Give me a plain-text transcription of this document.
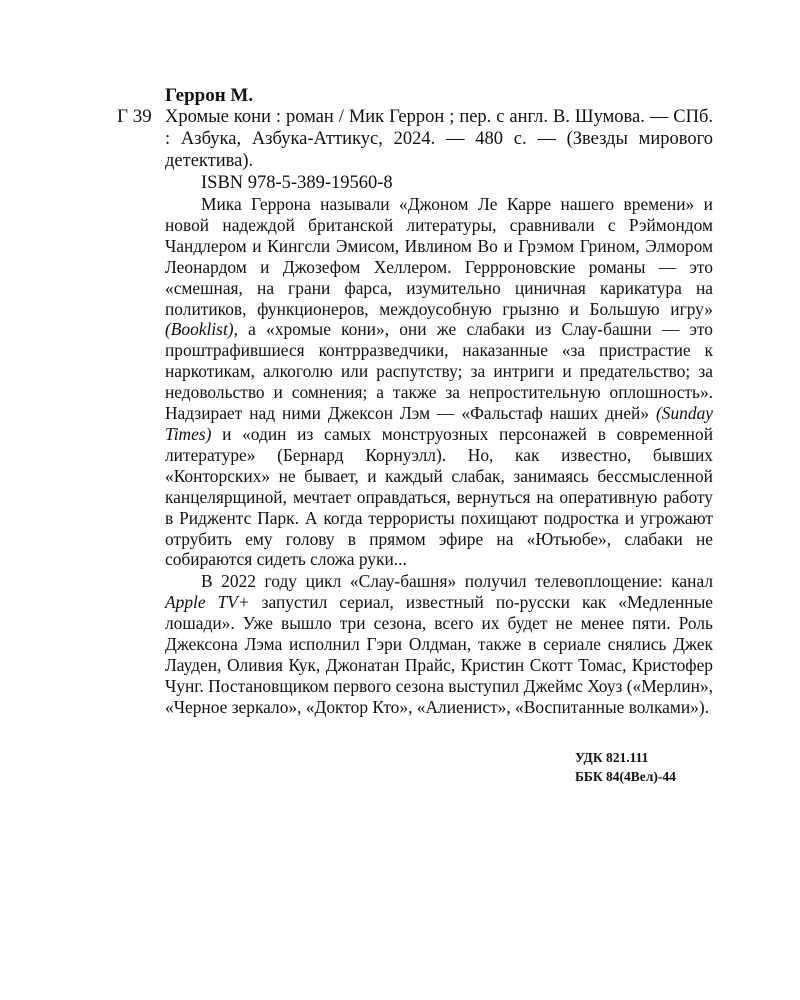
Геррон М.
Г 39 Хромые кони : роман / Мик Геррон ; пер. с англ. В. Шумова. — СПб. : Азбука, Азбука-Аттикус, 2024. — 480 с. — (Звезды мирового детектива).
ISBN 978-5-389-19560-8

Мика Геррона называли «Джоном Ле Карре нашего времени» и новой надеждой британской литературы, сравнивали с Рэймондом Чандлером и Кингсли Эмисом, Ивлином Во и Грэмом Грином, Элмором Леонардом и Джозефом Хеллером. Геррроновские романы — это «смешная, на грани фарса, изумительно циничная карикатура на политиков, функционеров, междоусобную грызню и Большую игру» (Booklist), а «хромые кони», они же слабаки из Слау-башни — это проштрафившиеся контрразведчики, наказанные «за пристрастие к наркотикам, алкоголю или распутству; за интриги и предательство; за недовольство и сомнения; а также за непростительную оплошность». Надзирает над ними Джексон Лэм — «Фальстаф наших дней» (Sunday Times) и «один из самых монструозных персонажей в современной литературе» (Бернард Корнуэлл). Но, как известно, бывших «Конторских» не бывает, и каждый слабак, занимаясь бессмысленной канцелярщиной, мечтает оправдаться, вернуться на оперативную работу в Риджентс Парк. А когда террористы похищают подростка и угрожают отрубить ему голову в прямом эфире на «Ютьюбе», слабаки не собираются сидеть сложа руки...

В 2022 году цикл «Слау-башня» получил телевоплощение: канал Apple TV+ запустил сериал, известный по-русски как «Медленные лошади». Уже вышло три сезона, всего их будет не менее пяти. Роль Джексона Лэма исполнил Гэри Олдман, также в сериале снялись Джек Лауден, Оливия Кук, Джонатан Прайс, Кристин Скотт Томас, Кристофер Чунг. Постановщиком первого сезона выступил Джеймс Хоуз («Мерлин», «Черное зеркало», «Доктор Кто», «Алиенист», «Воспитанные волками»).

УДК 821.111
ББК 84(4Вел)-44
